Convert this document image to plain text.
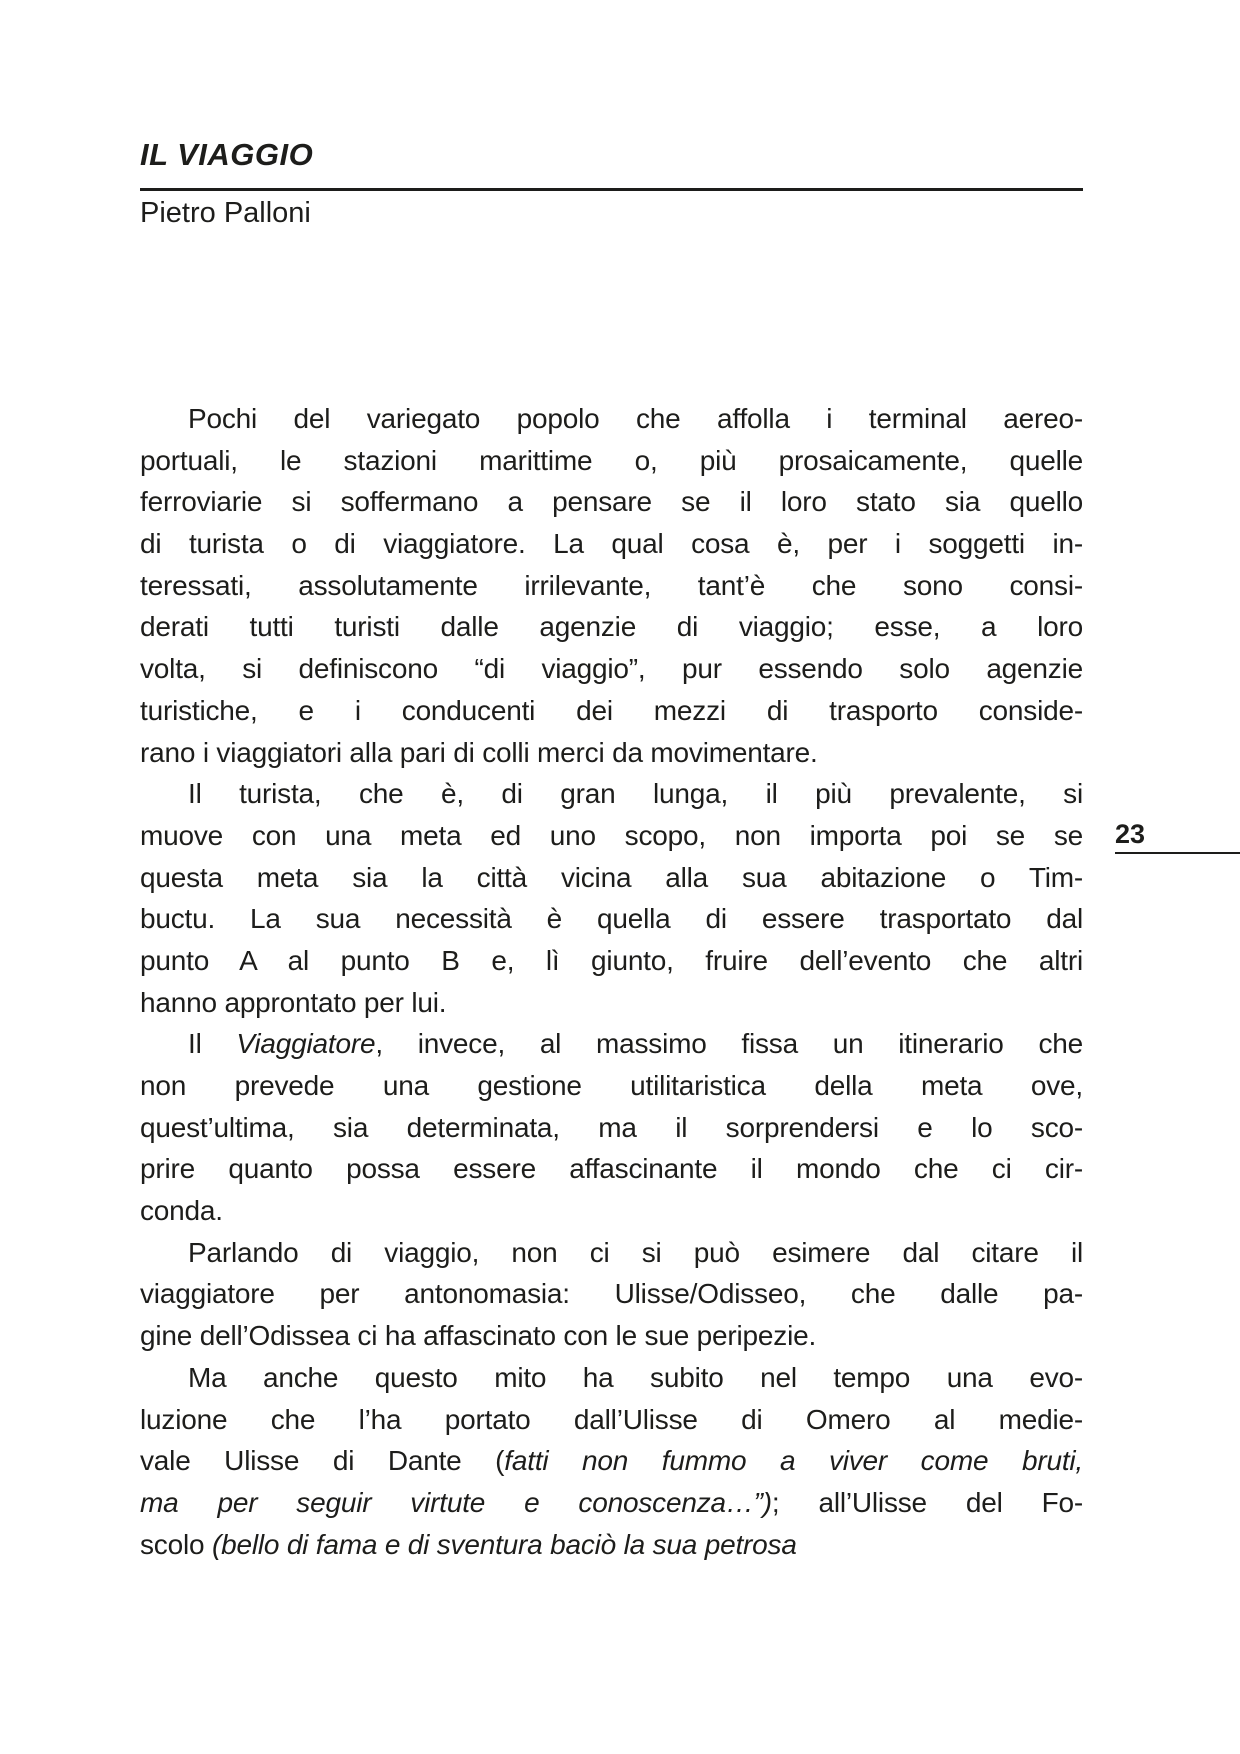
IL VIAGGIO
Pietro Palloni
Pochi del variegato popolo che affolla i terminal aereo-
portuali, le stazioni marittime o, più prosaicamente, quelle
ferroviarie si soffermano a pensare se il loro stato sia quello
di turista o di viaggiatore. La qual cosa è, per i soggetti in-
teressati, assolutamente irrilevante, tant’è che sono consi-
derati tutti turisti dalle agenzie di viaggio; esse, a loro
volta, si definiscono “di viaggio”, pur essendo solo agenzie
turistiche, e i conducenti dei mezzi di trasporto conside-
rano i viaggiatori alla pari di colli merci da movimentare.
Il turista, che è, di gran lunga, il più prevalente, si
muove con una meta ed uno scopo, non importa poi se se
questa meta sia la città vicina alla sua abitazione o Tim-
buctu. La sua necessità è quella di essere trasportato dal
punto A al punto B e, lì giunto, fruire dell’evento che altri
hanno approntato per lui.
Il Viaggiatore, invece, al massimo fissa un itinerario che
non prevede una gestione utilitaristica della meta ove,
quest’ultima, sia determinata, ma il sorprendersi e lo sco-
prire quanto possa essere affascinante il mondo che ci cir-
conda.
Parlando di viaggio, non ci si può esimere dal citare il
viaggiatore per antonomasia: Ulisse/Odisseo, che dalle pa-
gine dell’Odissea ci ha affascinato con le sue peripezie.
Ma anche questo mito ha subito nel tempo una evo-
luzione che l’ha portato dall’Ulisse di Omero al medie-
vale Ulisse di Dante (fatti non fummo a viver come bruti,
ma per seguir virtute e conoscenza…”); all’Ulisse del Fo-
scolo (bello di fama e di sventura baciò la sua petrosa
23
